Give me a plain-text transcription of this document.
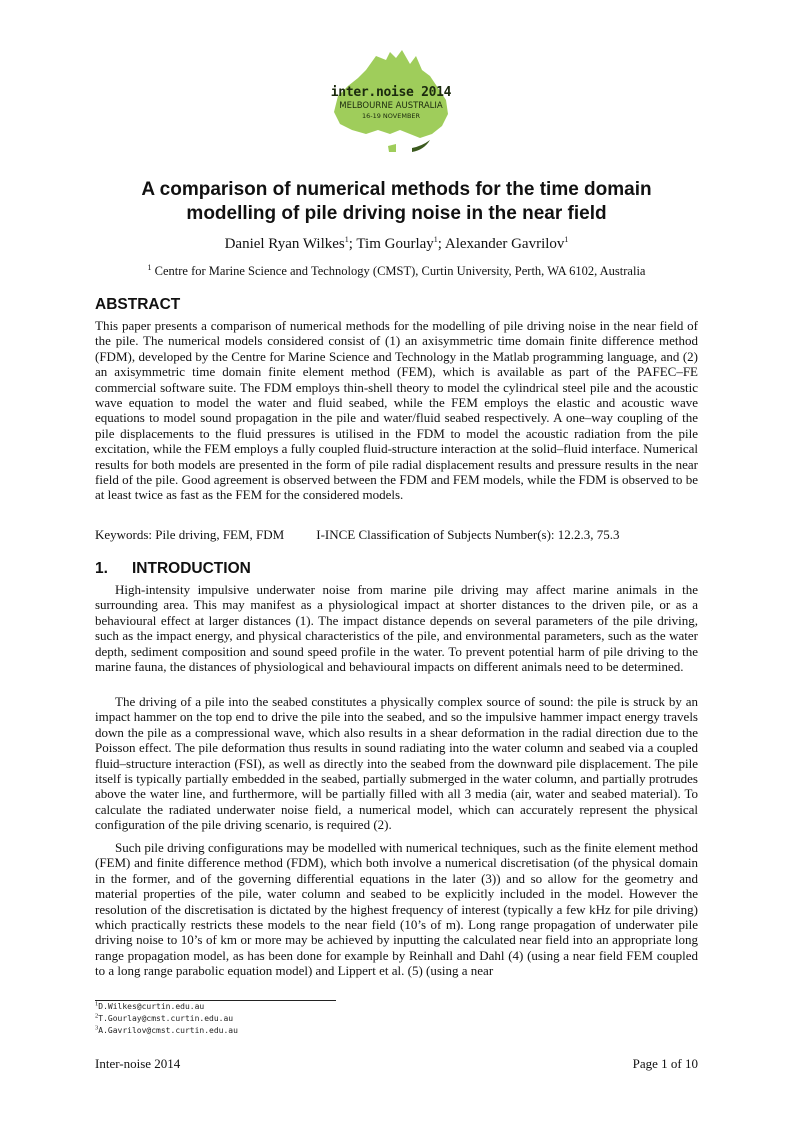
inter.noise 2014
MELBOURNE AUSTRALIA
16-19 NOVEMBER
A comparison of numerical methods for the time domain modelling of pile driving noise in the near field
Daniel Ryan Wilkes$^1$; Tim Gourlay$^1$; Alexander Gavrilov$^1$
$^1$ Centre for Marine Science and Technology (CMST), Curtin University, Perth, WA 6102, Australia
ABSTRACT

This paper presents a comparison of numerical methods for the modelling of pile driving noise in the near field of the pile. The numerical models considered consist of (1) an axisymmetric time domain finite difference method (FDM), developed by the Centre for Marine Science and Technology in the Matlab programming language, and (2) an axisymmetric time domain finite element method (FEM), which is available as part of the PAFEC–FE commercial software suite. The FDM employs thin-shell theory to model the cylindrical steel pile and the acoustic wave equation to model the water and fluid seabed, while the FEM employs the elastic and acoustic wave equations to model sound propagation in the pile and water/fluid seabed respectively. A one–way coupling of the pile displacements to the fluid pressures is utilised in the FDM to model the acoustic radiation from the pile excitation, while the FEM employs a fully coupled fluid-structure interaction at the solid–fluid interface. Numerical results for both models are presented in the form of pile radial displacement results and pressure results in the near field of the pile. Good agreement is observed between the FDM and FEM models, while the FDM is observed to be at least twice as fast as the FEM for the considered models.

Keywords: Pile driving, FEM, FDM I-INCE Classification of Subjects Number(s): 12.2.3, 75.3
1. INTRODUCTION

High-intensity impulsive underwater noise from marine pile driving may affect marine animals in the surrounding area. This may manifest as a physiological impact at shorter distances to the driven pile, or as a behavioural effect at larger distances (1). The impact distance depends on several parameters of the pile driving, such as the impact energy, and physical characteristics of the pile, and environmental parameters, such as the water depth, sediment composition and sound speed profile in the water. To prevent potential harm of pile driving to the marine fauna, the distances of physiological and behavioural impacts on different animals need to be determined.

The driving of a pile into the seabed constitutes a physically complex source of sound: the pile is struck by an impact hammer on the top end to drive the pile into the seabed, and so the impulsive hammer impact energy travels down the pile as a compressional wave, which also results in a shear deformation in the radial direction due to the Poisson effect. The pile deformation thus results in sound radiating into the water column and seabed via a coupled fluid–structure interaction (FSI), as well as directly into the seabed from the downward pile displacement. The pile itself is typically partially embedded in the seabed, partially submerged in the water column, and partially protrudes above the water line, and furthermore, will be partially filled with all 3 media (air, water and seabed material). To calculate the radiated underwater noise field, a numerical model, which can accurately represent the physical configuration of the pile driving scenario, is required (2).

Such pile driving configurations may be modelled with numerical techniques, such as the finite element method (FEM) and finite difference method (FDM), which both involve a numerical discretisation (of the physical domain in the former, and of the governing differential equations in the later (3)) and so allow for the geometry and material properties of the pile, water column and seabed to be explicitly included in the model. However the resolution of the discretisation is dictated by the highest frequency of interest (typically a few kHz for pile driving) which practically restricts these models to the near field (10’s of m). Long range propagation of underwater pile driving noise to 10’s of km or more may be achieved by inputting the calculated near field into an appropriate long range propagation model, as has been done for example by Reinhall and Dahl (4) (using a near field FEM coupled to a long range parabolic equation model) and Lippert et al. (5) (using a near

$^1$D.Wilkes@curtin.edu.au
$^2$T.Gourlay@cmst.curtin.edu.au
$^3$A.Gavrilov@cmst.curtin.edu.au
Inter-noise 2014	Page 1 of 10
